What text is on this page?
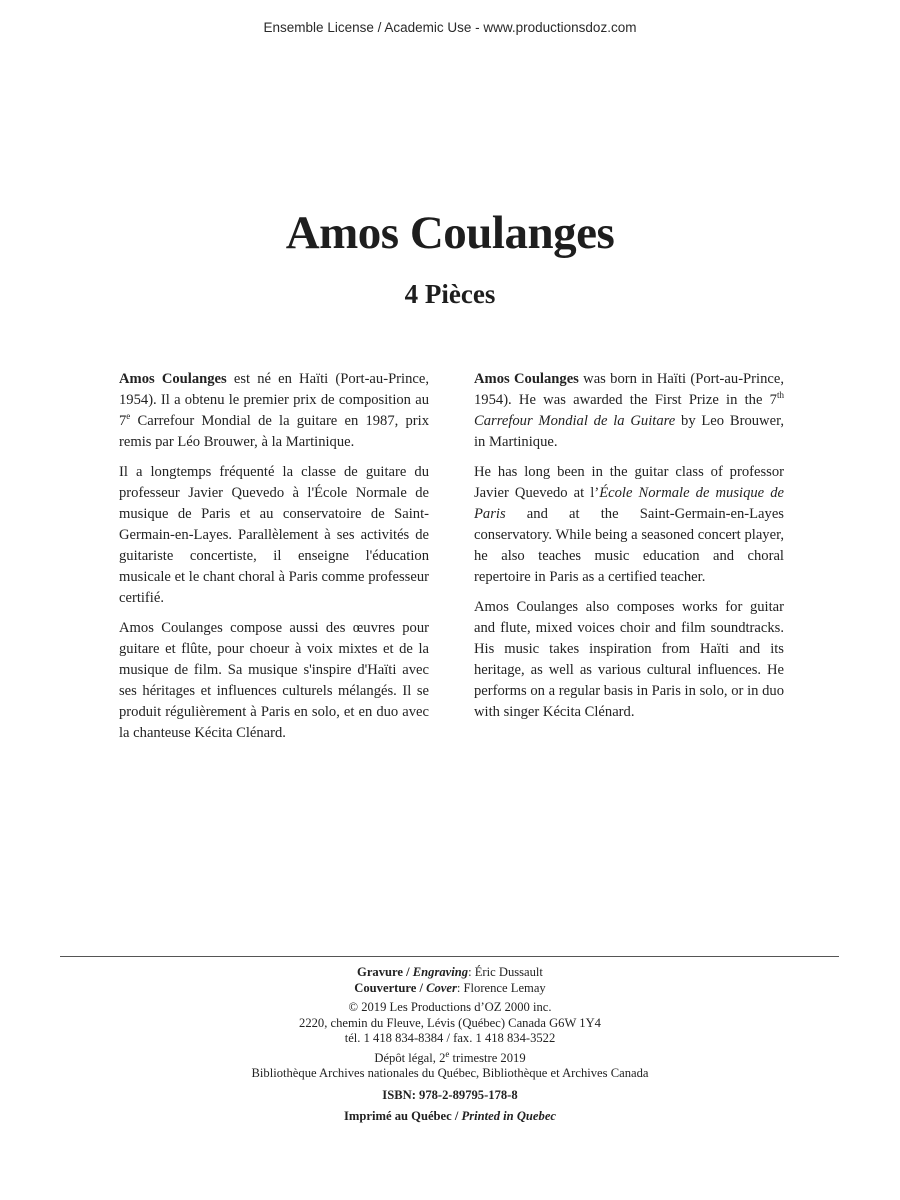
Ensemble License / Academic Use - www.productionsdoz.com
Amos Coulanges
4 Pièces

Amos Coulanges est né en Haïti (Port-au-Prince, 1954). Il a obtenu le premier prix de composition au 7e Carrefour Mondial de la guitare en 1987, prix remis par Léo Brouwer, à la Martinique.

Il a longtemps fréquenté la classe de guitare du professeur Javier Quevedo à l'École Normale de musique de Paris et au conservatoire de Saint-Germain-en-Layes. Parallèlement à ses activités de guitariste concertiste, il enseigne l'éducation musicale et le chant choral à Paris comme professeur certifié.

Amos Coulanges compose aussi des œuvres pour guitare et flûte, pour choeur à voix mixtes et de la musique de film. Sa musique s'inspire d'Haïti avec ses héritages et influences culturels mélangés. Il se produit régulièrement à Paris en solo, et en duo avec la chanteuse Kécita Clénard.

Amos Coulanges was born in Haïti (Port-au-Prince, 1954). He was awarded the First Prize in the 7th Carrefour Mondial de la Guitare by Leo Brouwer, in Martinique.

He has long been in the guitar class of professor Javier Quevedo at l’École Normale de musique de Paris and at the Saint-Germain-en-Layes conservatory. While being a seasoned concert player, he also teaches music education and choral repertoire in Paris as a certified teacher.

Amos Coulanges also composes works for guitar and flute, mixed voices choir and film soundtracks. His music takes inspiration from Haïti and its heritage, as well as various cultural influences. He performs on a regular basis in Paris in solo, or in duo with singer Kécita Clénard.

Gravure / Engraving: Éric Dussault
Couverture / Cover: Florence Lemay
© 2019 Les Productions d’OZ 2000 inc.
2220, chemin du Fleuve, Lévis (Québec) Canada G6W 1Y4
tél. 1 418 834-8384 / fax. 1 418 834-3522
Dépôt légal, 2e trimestre 2019
Bibliothèque Archives nationales du Québec, Bibliothèque et Archives Canada
ISBN: 978-2-89795-178-8
Imprimé au Québec / Printed in Quebec
